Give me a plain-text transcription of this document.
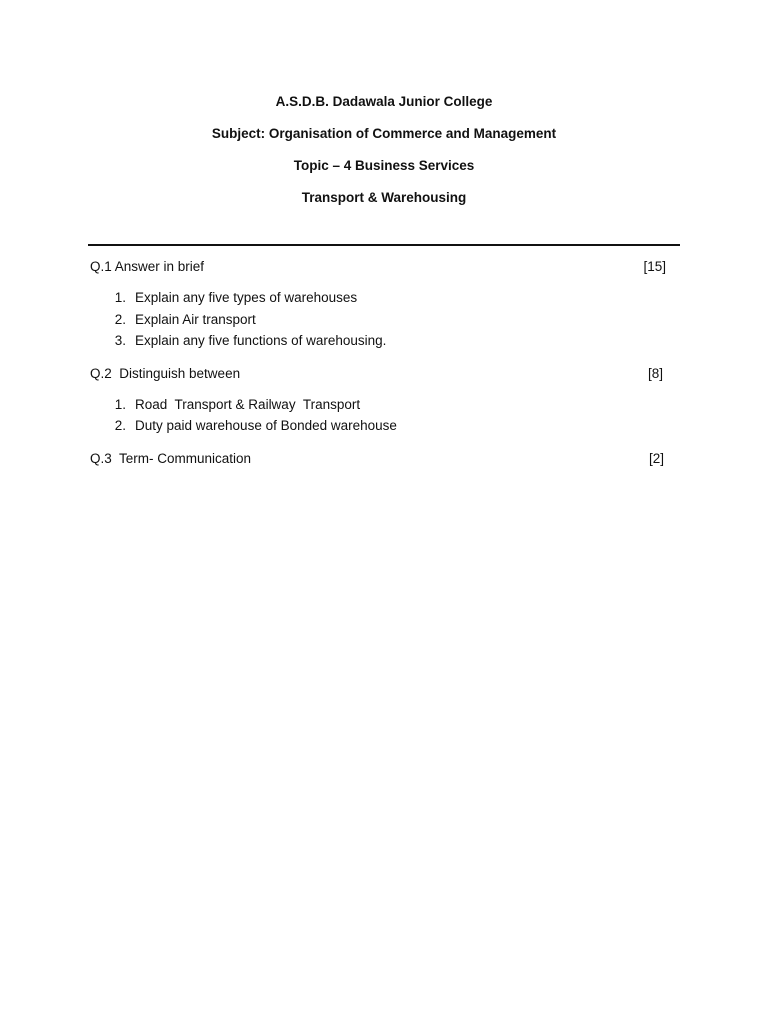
A.S.D.B. Dadawala Junior College
Subject: Organisation of Commerce and Management
Topic – 4 Business Services
Transport & Warehousing
Q.1 Answer in brief	[15]
1. Explain any five types of warehouses
2. Explain Air transport
3. Explain any five functions of warehousing.
Q.2  Distinguish between	[8]
1. Road  Transport & Railway  Transport
2. Duty paid warehouse of Bonded warehouse
Q.3  Term- Communication	[2]
